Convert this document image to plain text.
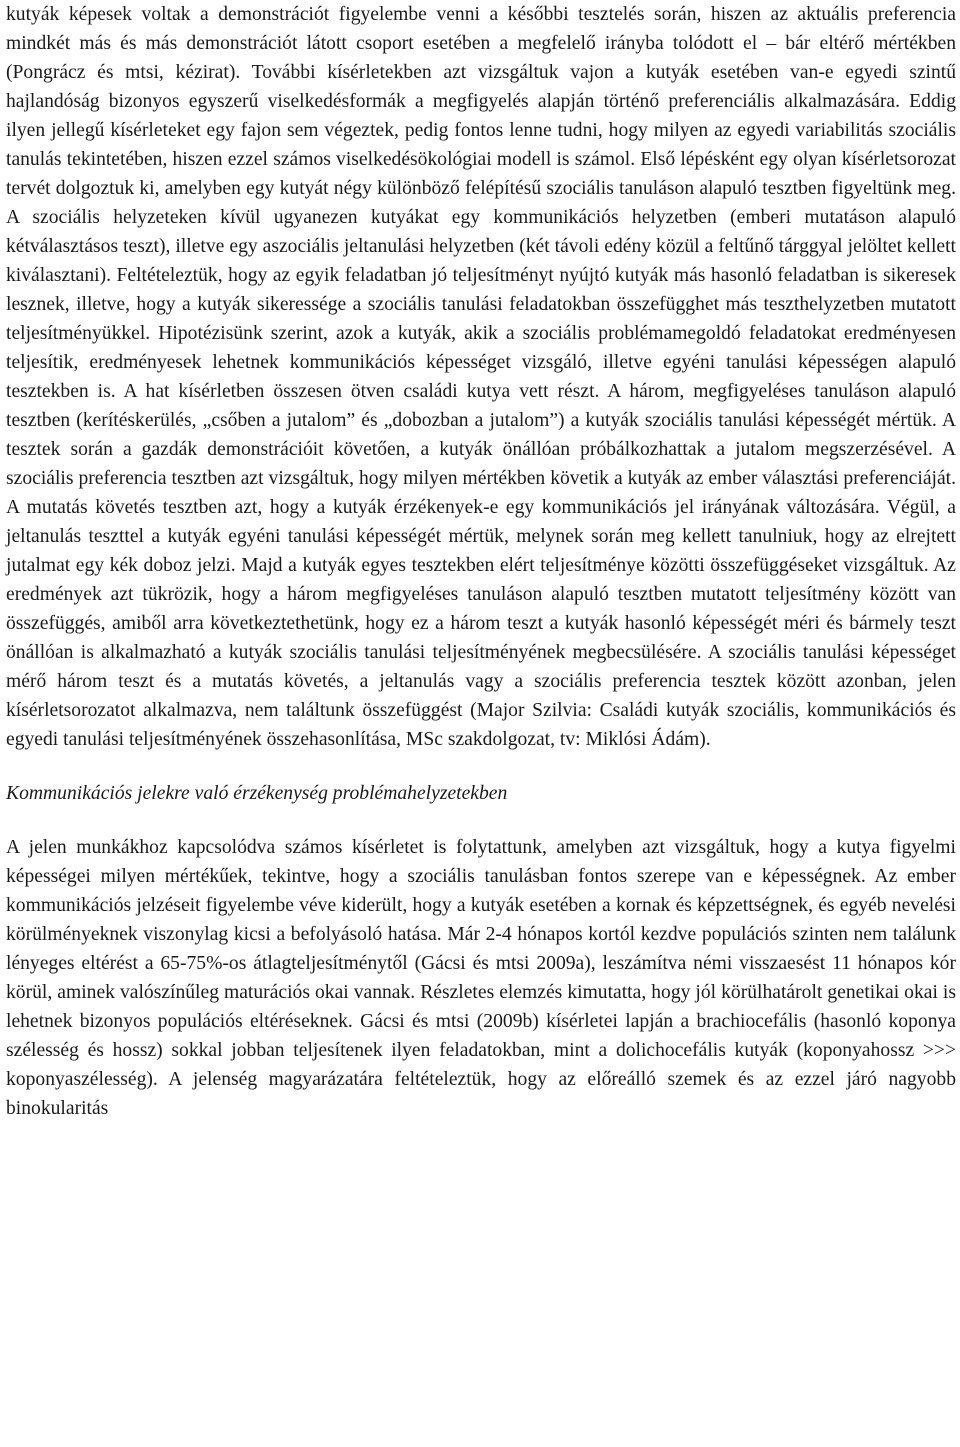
kutyák képesek voltak a demonstrációt figyelembe venni a későbbi tesztelés során, hiszen az aktuális preferencia mindkét más és más demonstrációt látott csoport esetében a megfelelő irányba tolódott el – bár eltérő mértékben (Pongrácz és mtsi, kézirat). További kísérletekben azt vizsgáltuk vajon a kutyák esetében van-e egyedi szintű hajlandóság bizonyos egyszerű viselkedésformák a megfigyelés alapján történő preferenciális alkalmazására. Eddig ilyen jellegű kísérleteket egy fajon sem végeztek, pedig fontos lenne tudni, hogy milyen az egyedi variabilitás szociális tanulás tekintetében, hiszen ezzel számos viselkedésökológiai modell is számol. Első lépésként egy olyan kísérletsorozat tervét dolgoztuk ki, amelyben egy kutyát négy különböző felépítésű szociális tanuláson alapuló tesztben figyeltünk meg. A szociális helyzeteken kívül ugyanezen kutyákat egy kommunikációs helyzetben (emberi mutatáson alapuló kétválasztásos teszt), illetve egy aszociális jeltanulási helyzetben (két távoli edény közül a feltűnő tárggyal jelöltet kellett kiválasztani). Feltételeztük, hogy az egyik feladatban jó teljesítményt nyújtó kutyák más hasonló feladatban is sikeresek lesznek, illetve, hogy a kutyák sikeressége a szociális tanulási feladatokban összefügghet más teszthelyzetben mutatott teljesítményükkel. Hipotézisünk szerint, azok a kutyák, akik a szociális problémamegoldó feladatokat eredményesen teljesítik, eredményesek lehetnek kommunikációs képességet vizsgáló, illetve egyéni tanulási képességen alapuló tesztekben is. A hat kísérletben összesen ötven családi kutya vett részt. A három, megfigyeléses tanuláson alapuló tesztben (kerítéskerülés, „csőben a jutalom” és „dobozban a jutalom”) a kutyák szociális tanulási képességét mértük. A tesztek során a gazdák demonstrációit követően, a kutyák önállóan próbálkozhattak a jutalom megszerzésével. A szociális preferencia tesztben azt vizsgáltuk, hogy milyen mértékben követik a kutyák az ember választási preferenciáját. A mutatás követés tesztben azt, hogy a kutyák érzékenyek-e egy kommunikációs jel irányának változására. Végül, a jeltanulás teszttel a kutyák egyéni tanulási képességét mértük, melynek során meg kellett tanulniuk, hogy az elrejtett jutalmat egy kék doboz jelzi. Majd a kutyák egyes tesztekben elért teljesítménye közötti összefüggéseket vizsgáltuk. Az eredmények azt tükrözik, hogy a három megfigyeléses tanuláson alapuló tesztben mutatott teljesítmény között van összefüggés, amiből arra következtethetünk, hogy ez a három teszt a kutyák hasonló képességét méri és bármely teszt önállóan is alkalmazható a kutyák szociális tanulási teljesítményének megbecsülésére. A szociális tanulási képességet mérő három teszt és a mutatás követés, a jeltanulás vagy a szociális preferencia tesztek között azonban, jelen kísérletsorozatot alkalmazva, nem találtunk összefüggést (Major Szilvia: Családi kutyák szociális, kommunikációs és egyedi tanulási teljesítményének összehasonlítása, MSc szakdolgozat, tv: Miklósi Ádám).

Kommunikációs jelekre való érzékenység problémahelyzetekben

A jelen munkákhoz kapcsolódva számos kísérletet is folytattunk, amelyben azt vizsgáltuk, hogy a kutya figyelmi képességei milyen mértékűek, tekintve, hogy a szociális tanulásban fontos szerepe van e képességnek. Az ember kommunikációs jelzéseit figyelembe véve kiderült, hogy a kutyák esetében a kornak és képzettségnek, és egyéb nevelési körülményeknek viszonylag kicsi a befolyásoló hatása. Már 2-4 hónapos kortól kezdve populációs szinten nem találunk lényeges eltérést a 65-75%-os átlagteljesítménytől (Gácsi és mtsi 2009a), leszámítva némi visszaesést 11 hónapos kór körül, aminek valószínűleg maturációs okai vannak. Részletes elemzés kimutatta, hogy jól körülhatárolt genetikai okai is lehetnek bizonyos populációs eltéréseknek. Gácsi és mtsi (2009b) kísérletei lapján a brachiocefális (hasonló koponya szélesség és hossz) sokkal jobban teljesítenek ilyen feladatokban, mint a dolichocefális kutyák (koponyahossz >>> koponyaszélesség). A jelenség magyarázatára feltételeztük, hogy az előreálló szemek és az ezzel járó nagyobb binokularitás
